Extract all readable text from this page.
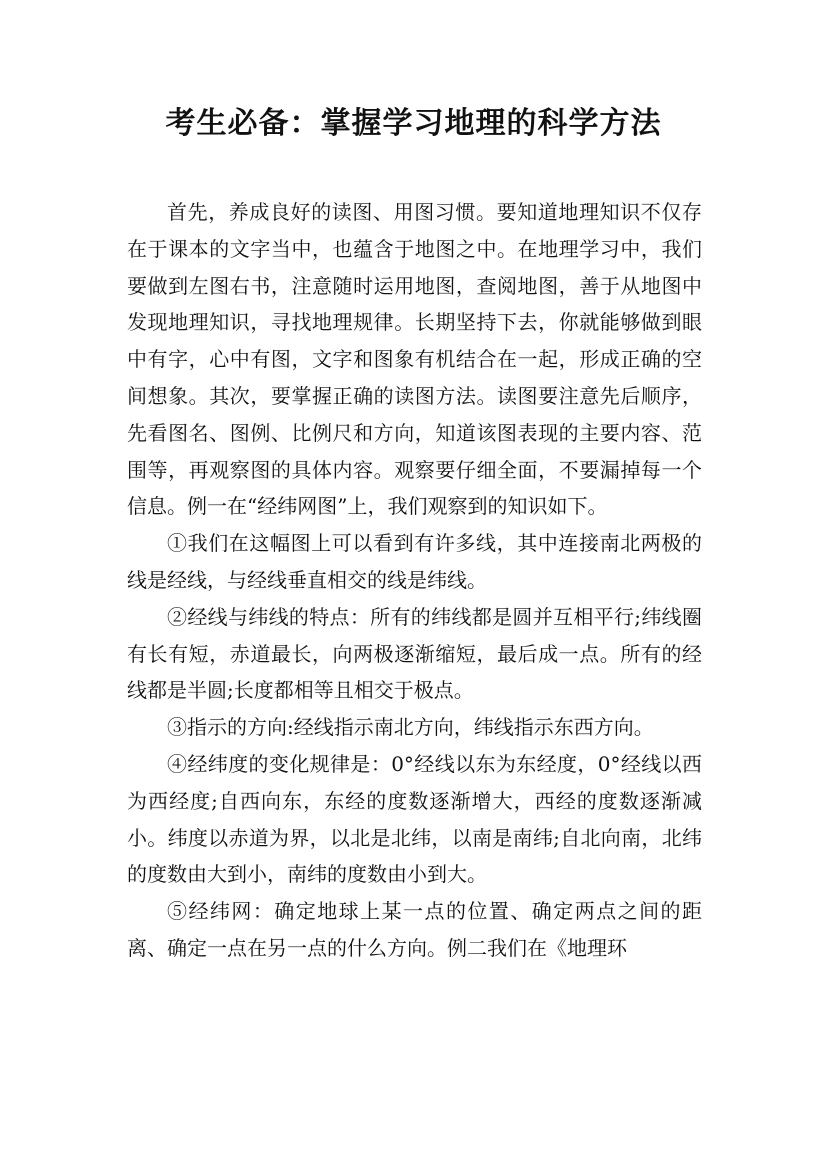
考生必备：掌握学习地理的科学方法

首先，养成良好的读图、用图习惯。要知道地理知识不仅存在于课本的文字当中，也蕴含于地图之中。在地理学习中，我们要做到左图右书，注意随时运用地图，查阅地图，善于从地图中发现地理知识，寻找地理规律。长期坚持下去，你就能够做到眼中有字，心中有图，文字和图象有机结合在一起，形成正确的空间想象。其次，要掌握正确的读图方法。读图要注意先后顺序，先看图名、图例、比例尺和方向，知道该图表现的主要内容、范围等，再观察图的具体内容。观察要仔细全面，不要漏掉每一个信息。例一在“经纬网图”上，我们观察到的知识如下。

①我们在这幅图上可以看到有许多线，其中连接南北两极的线是经线，与经线垂直相交的线是纬线。

②经线与纬线的特点：所有的纬线都是圆并互相平行;纬线圈有长有短，赤道最长，向两极逐渐缩短，最后成一点。所有的经线都是半圆;长度都相等且相交于极点。

③指示的方向:经线指示南北方向，纬线指示东西方向。

④经纬度的变化规律是：0°经线以东为东经度，0°经线以西为西经度;自西向东，东经的度数逐渐增大，西经的度数逐渐减小。纬度以赤道为界，以北是北纬，以南是南纬;自北向南，北纬的度数由大到小，南纬的度数由小到大。

⑤经纬网：确定地球上某一点的位置、确定两点之间的距离、确定一点在另一点的什么方向。例二我们在《地理环
